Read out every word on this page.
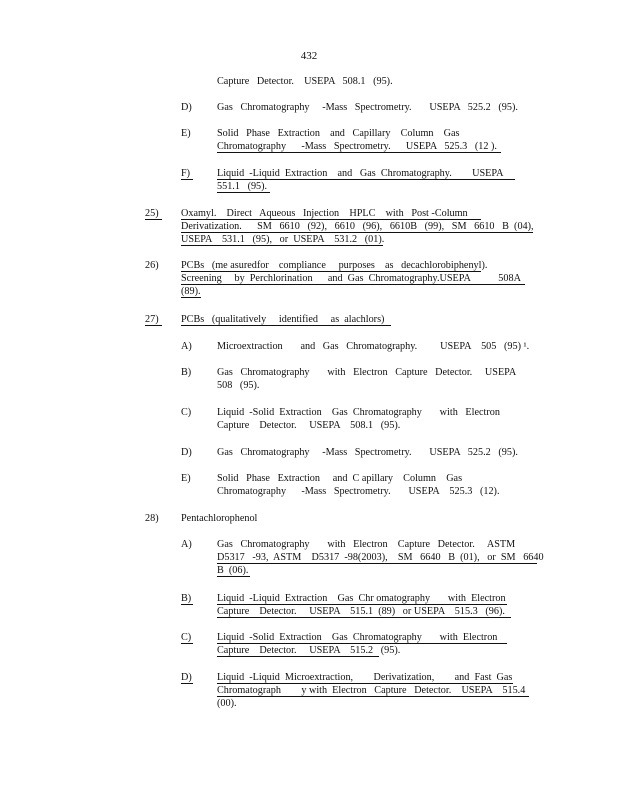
432
Capture   Detector.    USEPA   508.1   (95).
D) Gas   Chromatography     -Mass   Spectrometry.       USEPA   525.2   (95).
E)	Solid   Phase   Extraction    and   Capillary    Column    Gas
Chromatography      -Mass   Spectrometry.      USEPA   525.3   (12 ).
F)	Liquid  -Liquid  Extraction    and   Gas  Chromatography.        USEPA
551.1   (95).
25) Oxamyl.    Direct   Aqueous   Injection    HPLC    with   Post -Column
Derivatization.      SM   6610   (92),   6610   (96),   6610B   (99),   SM   6610   B  (04),
USEPA    531.1   (95),   or  USEPA    531.2   (01).
26) PCBs   (me asuredfor    compliance     purposes    as   decachlorobiphenyl).
Screening     by  Perchlorination      and  Gas  Chromatography.USEPA           508A
(89).
27) PCBs   (qualitatively     identified     as  alachlors)
A) Microextraction       and   Gas   Chromatography.         USEPA    505   (95) ¹.
B)	Gas   Chromatography       with   Electron   Capture   Detector.     USEPA
508   (95).
C)	Liquid  -Solid  Extraction    Gas  Chromatography       with   Electron
Capture    Detector.     USEPA    508.1   (95).
D) Gas   Chromatography     -Mass   Spectrometry.       USEPA   525.2   (95).
E)	Solid   Phase   Extraction     and  C apillary    Column    Gas
Chromatography      -Mass   Spectrometry.       USEPA    525.3   (12).
28) Pentachlorophenol
A) Gas   Chromatography       with   Electron    Capture   Detector.     ASTM
D5317   -93,  ASTM    D5317  -98(2003),    SM   6640   B  (01),   or  SM   6640
B  (06).
B)	Liquid  -Liquid  Extraction    Gas  Chr omatography       with  Electron
Capture    Detector.     USEPA    515.1  (89)   or USEPA    515.3   (96).
C)	Liquid  -Solid  Extraction    Gas  Chromatography       with  Electron
Capture    Detector.     USEPA    515.2   (95).
D) Liquid  -Liquid  Microextraction,        Derivatization,        and  Fast  Gas
Chromatograph        y with  Electron   Capture   Detector.    USEPA    515.4
(00).
